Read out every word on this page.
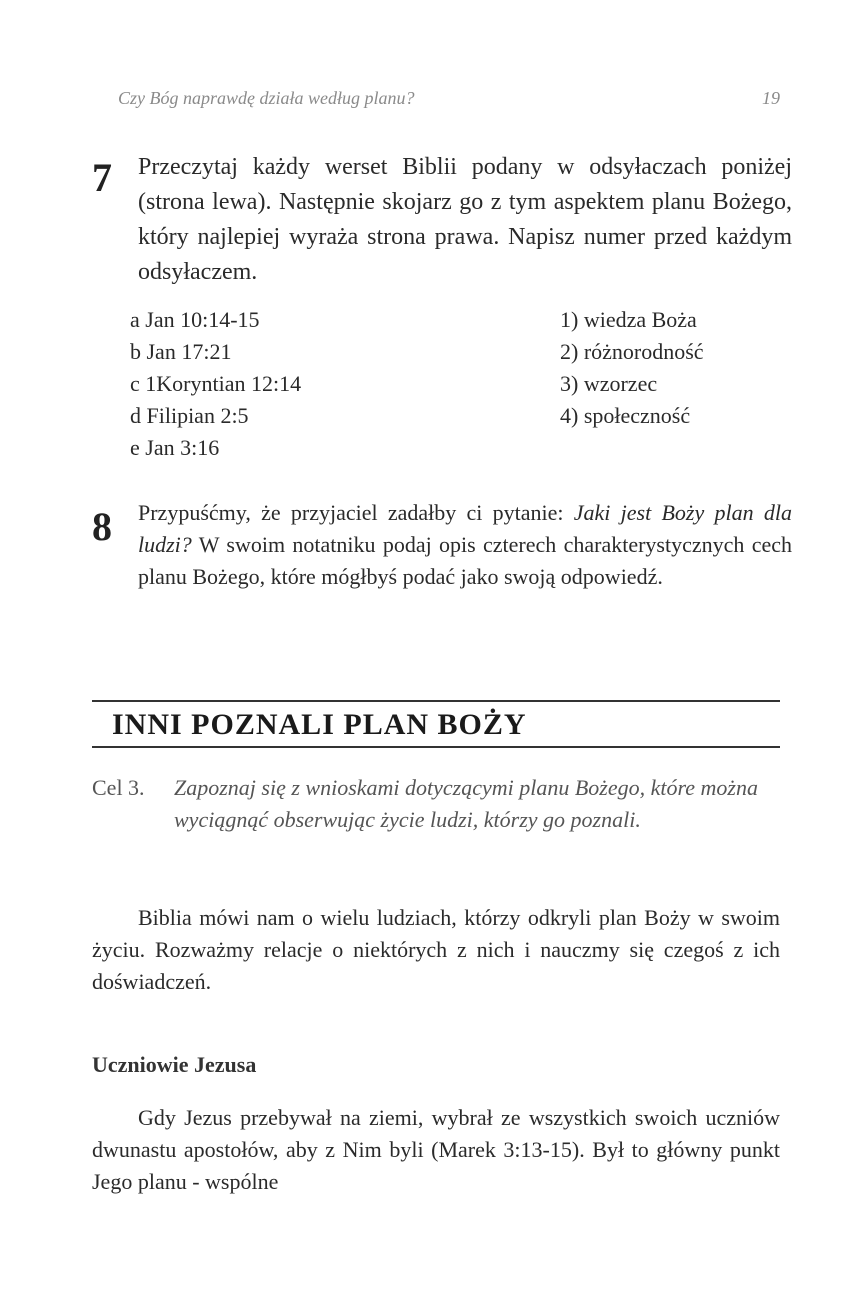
Czy Bóg naprawdę działa według planu?	19
7 Przeczytaj każdy werset Biblii podany w odsyłaczach poniżej (strona lewa). Następnie skojarz go z tym aspektem planu Bożego, który najlepiej wyraża strona prawa. Napisz numer przed każdym odsyłaczem.
a Jan 10:14-15	1) wiedza Boża
b Jan 17:21	2) różnorodność
c 1Koryntian 12:14	3) wzorzec
d Filipian 2:5	4) społeczność
e Jan 3:16
8 Przypuśćmy, że przyjaciel zadałby ci pytanie: Jaki jest Boży plan dla ludzi? W swoim notatniku podaj opis czterech charakterystycznych cech planu Bożego, które mógłbyś podać jako swoją odpowiedź.
INNI POZNALI PLAN BOŻY
Cel 3. Zapoznaj się z wnioskami dotyczącymi planu Bożego, które można wyciągnąć obserwując życie ludzi, którzy go poznali.
Biblia mówi nam o wielu ludziach, którzy odkryli plan Boży w swoim życiu. Rozważmy relacje o niektórych z nich i nauczmy się czegoś z ich doświadczeń.
Uczniowie Jezusa
Gdy Jezus przebywał na ziemi, wybrał ze wszystkich swoich uczniów dwunastu apostołów, aby z Nim byli (Marek 3:13-15). Był to główny punkt Jego planu - wspólne
